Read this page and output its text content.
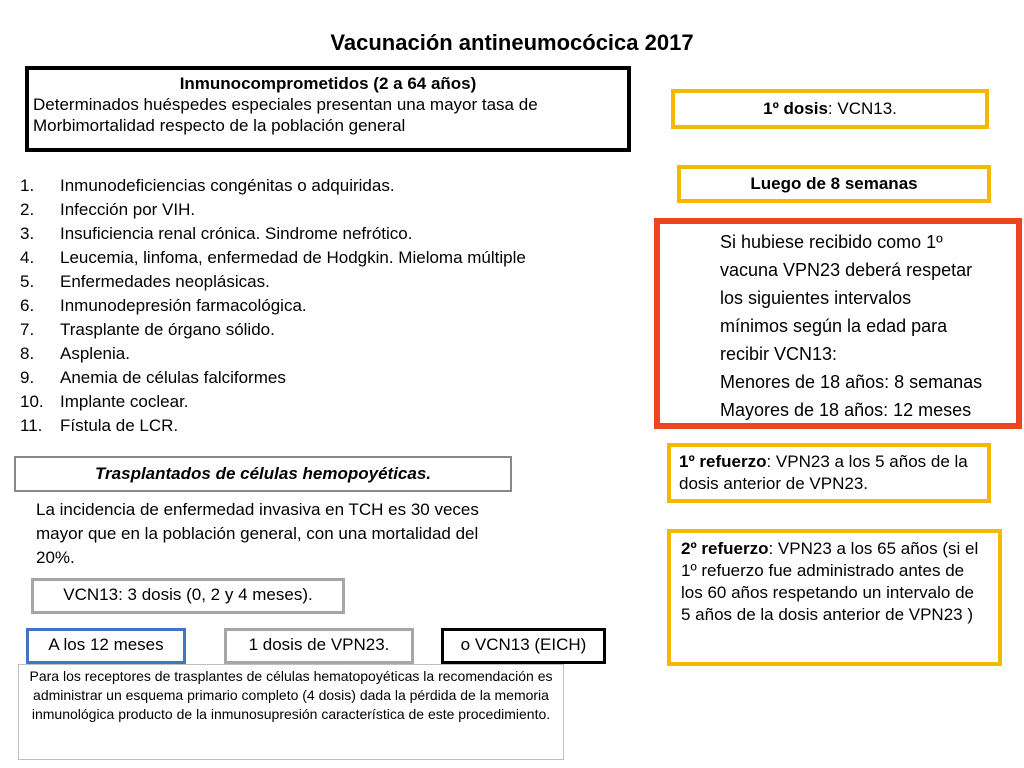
Vacunación antineumocócica 2017
Inmunocomprometidos (2 a 64 años)
Determinados huéspedes especiales presentan una mayor tasa de
Morbimortalidad respecto de la población general
1.	Inmunodeficiencias congénitas o adquiridas.
2.	Infección por VIH.
3.	Insuficiencia renal crónica. Sindrome nefrótico.
4.	Leucemia, linfoma, enfermedad de Hodgkin. Mieloma múltiple
5.	Enfermedades neoplásicas.
6.	Inmunodepresión farmacológica.
7.	Trasplante de órgano sólido.
8.	Asplenia.
9.	Anemia de células falciformes
10. Implante coclear.
11.	Fístula de LCR.
Trasplantados de células hemopoyéticas.
La incidencia de enfermedad invasiva en TCH es 30 veces mayor que en la población general, con una mortalidad del 20%.
VCN13: 3 dosis (0, 2 y 4 meses).
A los 12 meses	1 dosis de VPN23.	o VCN13 (EICH)
Para los receptores de trasplantes de células hematopoyéticas la recomendación es administrar un esquema primario completo (4 dosis) dada la pérdida de la memoria inmunológica producto de la inmunosupresión característica de este procedimiento.
1º dosis: VCN13.
Luego de 8 semanas
Si hubiese recibido como 1º
vacuna VPN23 deberá respetar
los siguientes intervalos
mínimos según la edad para
recibir VCN13:
Menores de 18 años: 8 semanas
Mayores de 18 años: 12 meses
1º refuerzo: VPN23 a los 5 años de la dosis anterior de VPN23.
2º refuerzo: VPN23 a los 65 años (si el 1º refuerzo fue administrado antes de los 60 años respetando un intervalo de 5 años de la dosis anterior de VPN23 )
